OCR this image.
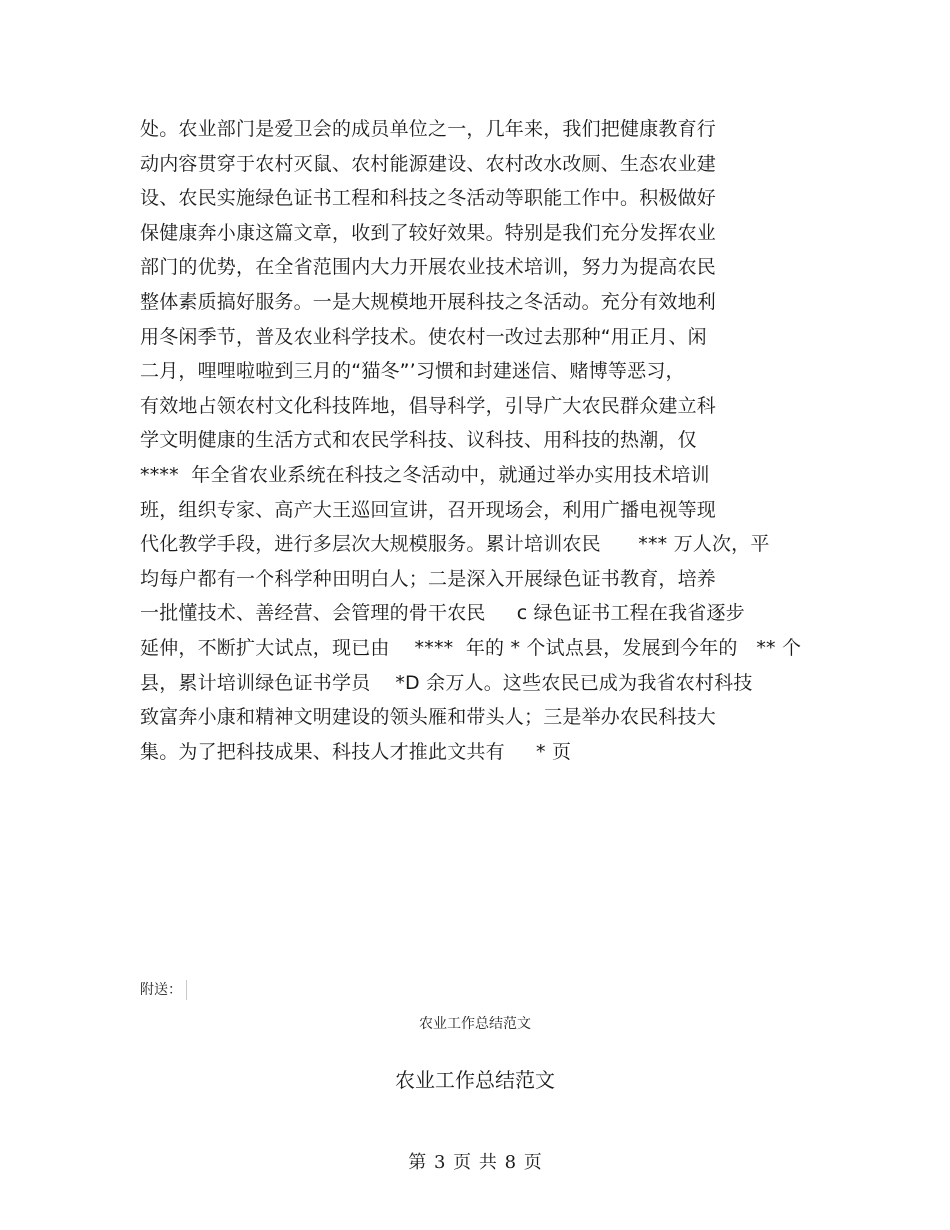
处。农业部门是爱卫会的成员单位之一，几年来，我们把健康教育行
动内容贯穿于农村灭鼠、农村能源建设、农村改水改厕、生态农业建
设、农民实施绿色证书工程和科技之冬活动等职能工作中。积极做好
保健康奔小康这篇文章，收到了较好效果。特别是我们充分发挥农业
部门的优势，在全省范围内大力开展农业技术培训，努力为提高农民
整体素质搞好服务。一是大规模地开展科技之冬活动。充分有效地利
用冬闲季节，普及农业科学技术。使农村一改过去那种“用正月、闲
二月，哩哩啦啦到三月的“猫冬”’习惯和封建迷信、赌博等恶习，
有效地占领农村文化科技阵地，倡导科学，引导广大农民群众建立科
学文明健康的生活方式和农民学科技、议科技、用科技的热潮，仅
****  年全省农业系统在科技之冬活动中，就通过举办实用技术培训
班，组织专家、高产大王巡回宣讲，召开现场会，利用广播电视等现
代化教学手段，进行多层次大规模服务。累计培训农民      *** 万人次，平
均每户都有一个科学种田明白人；二是深入开展绿色证书教育，培养
一批懂技术、善经营、会管理的骨干农民     c 绿色证书工程在我省逐步
延伸，不断扩大试点，现已由    ****  年的 * 个试点县，发展到今年的   ** 个
县，累计培训绿色证书学员    *D 余万人。这些农民已成为我省农村科技
致富奔小康和精神文明建设的领头雁和带头人；三是举办农民科技大
集。为了把科技成果、科技人才推此文共有     * 页
附送：
农业工作总结范文
农业工作总结范文
第 3 页 共 8 页
